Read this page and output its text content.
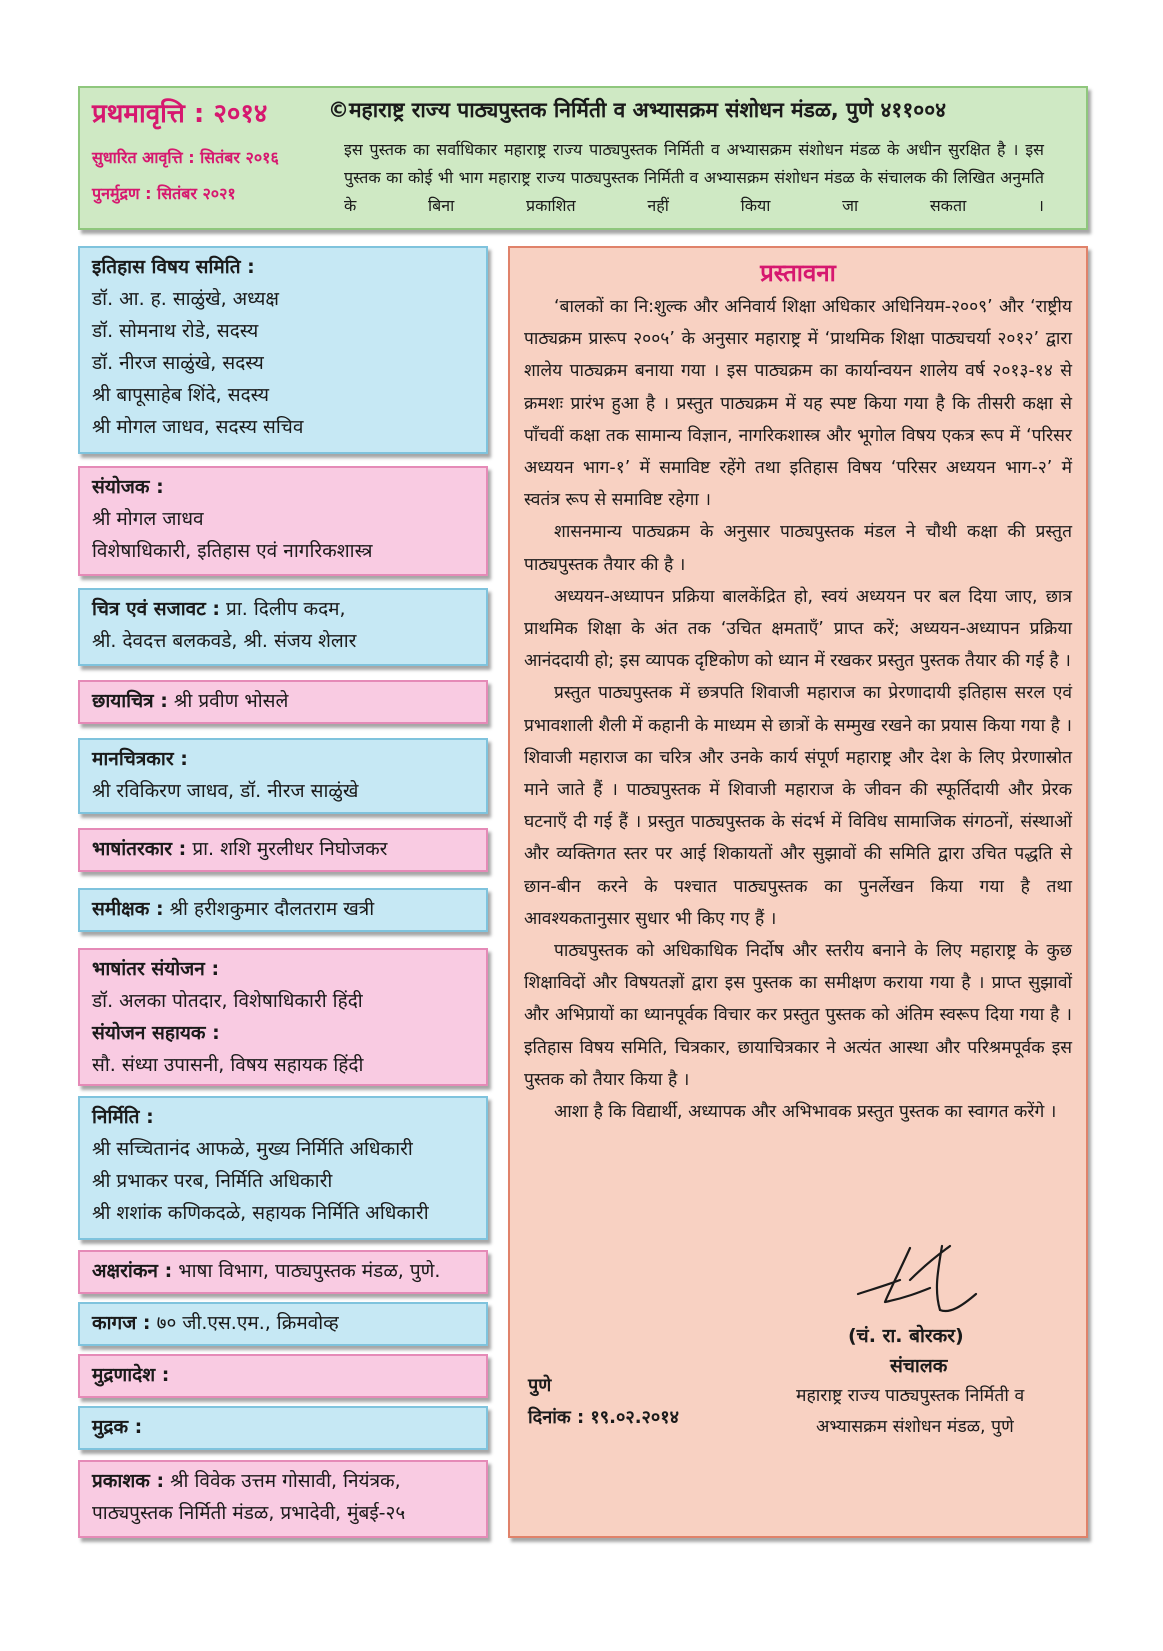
प्रथमावृत्ति : २०१४	©महाराष्ट्र राज्य पाठ्यपुस्तक निर्मिती व अभ्यासक्रम संशोधन मंडळ, पुणे ४११००४
सुधारित आवृत्ति : सितंबर २०१६
पुनर्मुद्रण : सितंबर २०२१
इस पुस्तक का सर्वाधिकार महाराष्ट्र राज्य पाठ्यपुस्तक निर्मिती व अभ्यासक्रम संशोधन मंडळ के अधीन सुरक्षित है । इस पुस्तक का कोई भी भाग महाराष्ट्र राज्य पाठ्यपुस्तक निर्मिती व अभ्यासक्रम संशोधन मंडळ के संचालक की लिखित अनुमति के बिना प्रकाशित नहीं किया जा सकता ।
इतिहास विषय समिति :
डॉ. आ. ह. साळुंखे, अध्यक्ष
डॉ. सोमनाथ रोडे, सदस्य
डॉ. नीरज साळुंखे, सदस्य
श्री बापूसाहेब शिंदे, सदस्य
श्री मोगल जाधव, सदस्य सचिव
संयोजक :
श्री मोगल जाधव
विशेषाधिकारी, इतिहास एवं नागरिकशास्त्र
चित्र एवं सजावट : प्रा. दिलीप कदम,
श्री. देवदत्त बलकवडे, श्री. संजय शेलार
छायाचित्र : श्री प्रवीण भोसले
मानचित्रकार :
श्री रविकिरण जाधव, डॉ. नीरज साळुंखे
भाषांतरकार : प्रा. शशि मुरलीधर निघोजकर
समीक्षक : श्री हरीशकुमार दौलतराम खत्री
भाषांतर संयोजन :
डॉ. अलका पोतदार, विशेषाधिकारी हिंदी
संयोजन सहायक :
सौ. संध्या उपासनी, विषय सहायक हिंदी
निर्मिति :
श्री सच्चितानंद आफळे, मुख्य निर्मिति अधिकारी
श्री प्रभाकर परब, निर्मिति अधिकारी
श्री शशांक कणिकदळे, सहायक निर्मिति अधिकारी
अक्षरांकन : भाषा विभाग, पाठ्यपुस्तक मंडळ, पुणे.
कागज : ७० जी.एस.एम., क्रिमवोव्ह
मुद्रणादेश :
मुद्रक :
प्रकाशक : श्री विवेक उत्तम गोसावी, नियंत्रक,
पाठ्यपुस्तक निर्मिती मंडळ, प्रभादेवी, मुंबई-२५
प्रस्तावना

‘बालकों का नि:शुल्क और अनिवार्य शिक्षा अधिकार अधिनियम-२००९’ और ‘राष्ट्रीय पाठ्यक्रम प्रारूप २००५’ के अनुसार महाराष्ट्र में ‘प्राथमिक शिक्षा पाठ्यचर्या २०१२’ द्वारा शालेय पाठ्यक्रम बनाया गया । इस पाठ्यक्रम का कार्यान्वयन शालेय वर्ष २०१३-१४ से क्रमशः प्रारंभ हुआ है । प्रस्तुत पाठ्यक्रम में यह स्पष्ट किया गया है कि तीसरी कक्षा से पाँचवीं कक्षा तक सामान्य विज्ञान, नागरिकशास्त्र और भूगोल विषय एकत्र रूप में ‘परिसर अध्ययन भाग-१’ में समाविष्ट रहेंगे तथा इतिहास विषय ‘परिसर अध्ययन भाग-२’ में स्वतंत्र रूप से समाविष्ट रहेगा ।

शासनमान्य पाठ्यक्रम के अनुसार पाठ्यपुस्तक मंडल ने चौथी कक्षा की प्रस्तुत पाठ्यपुस्तक तैयार की है ।

अध्ययन-अध्यापन प्रक्रिया बालकेंद्रित हो, स्वयं अध्ययन पर बल दिया जाए, छात्र प्राथमिक शिक्षा के अंत तक ‘उचित क्षमताएँ’ प्राप्त करें; अध्ययन-अध्यापन प्रक्रिया आनंददायी हो; इस व्यापक दृष्टिकोण को ध्यान में रखकर प्रस्तुत पुस्तक तैयार की गई है ।

प्रस्तुत पाठ्यपुस्तक में छत्रपति शिवाजी महाराज का प्रेरणादायी इतिहास सरल एवं प्रभावशाली शैली में कहानी के माध्यम से छात्रों के सम्मुख रखने का प्रयास किया गया है । शिवाजी महाराज का चरित्र और उनके कार्य संपूर्ण महाराष्ट्र और देश के लिए प्रेरणास्रोत माने जाते हैं । पाठ्यपुस्तक में शिवाजी महाराज के जीवन की स्फूर्तिदायी और प्रेरक घटनाएँ दी गई हैं । प्रस्तुत पाठ्यपुस्तक के संदर्भ में विविध सामाजिक संगठनों, संस्थाओं और व्यक्तिगत स्तर पर आई शिकायतों और सुझावों की समिति द्वारा उचित पद्धति से छान-बीन करने के पश्चात पाठ्यपुस्तक का पुनर्लेखन किया गया है तथा आवश्यकतानुसार सुधार भी किए गए हैं ।

पाठ्यपुस्तक को अधिकाधिक निर्दोष और स्तरीय बनाने के लिए महाराष्ट्र के कुछ शिक्षाविदों और विषयतज्ञों द्वारा इस पुस्तक का समीक्षण कराया गया है । प्राप्त सुझावों और अभिप्रायों का ध्यानपूर्वक विचार कर प्रस्तुत पुस्तक को अंतिम स्वरूप दिया गया है । इतिहास विषय समिति, चित्रकार, छायाचित्रकार ने अत्यंत आस्था और परिश्रमपूर्वक इस पुस्तक को तैयार किया है ।

आशा है कि विद्यार्थी, अध्यापक और अभिभावक प्रस्तुत पुस्तक का स्वागत करेंगे ।

(चं. रा. बोरकर)
संचालक
महाराष्ट्र राज्य पाठ्यपुस्तक निर्मिती व
अभ्यासक्रम संशोधन मंडळ, पुणे
पुणे
दिनांक : १९.०२.२०१४
